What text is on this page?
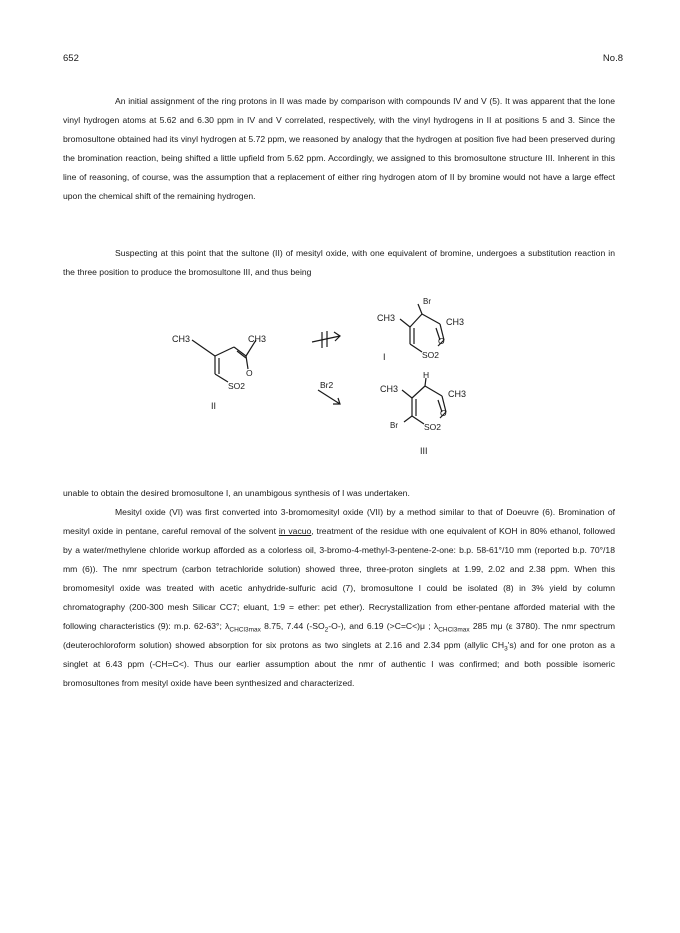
652	No.8

An initial assignment of the ring protons in II was made by comparison with compounds IV and V (5). It was apparent that the lone vinyl hydrogen atoms at 5.62 and 6.30 ppm in IV and V correlated, respectively, with the vinyl hydrogens in II at positions 5 and 3. Since the bromosultone obtained had its vinyl hydrogen at 5.72 ppm, we reasoned by analogy that the hydrogen at position five had been preserved during the bromination reaction, being shifted a little upfield from 5.62 ppm. Accordingly, we assigned to this bromosultone structure III. Inherent in this line of reasoning, of course, was the assumption that a replacement of either ring hydrogen atom of II by bromine would not have a large effect upon the chemical shift of the remaining hydrogen.

Suspecting at this point that the sultone (II) of mesityl oxide, with one equivalent of bromine, undergoes a substitution reaction in the three position to produce the bromosultone III, and thus being

CH3	CH3
SO2
O
II
Br2
Br
CH3	CH3
SO2
O
I
H
CH3	CH3
Br	SO2
O
III

unable to obtain the desired bromosultone I, an unambigous synthesis of I was undertaken.

Mesityl oxide (VI) was first converted into 3-bromomesityl oxide (VII) by a method similar to that of Doeuvre (6). Bromination of mesityl oxide in pentane, careful removal of the solvent in vacuo, treatment of the residue with one equivalent of KOH in 80% ethanol, followed by a water/methylene chloride workup afforded as a colorless oil, 3-bromo-4-methyl-3-pentene-2-one: b.p. 58-61°/10 mm (reported b.p. 70°/18 mm (6)). The nmr spectrum (carbon tetrachloride solution) showed three, three-proton singlets at 1.99, 2.02 and 2.38 ppm. When this bromomesityl oxide was treated with acetic anhydride-sulfuric acid (7), bromosultone I could be isolated (8) in 3% yield by column chromatography (200-300 mesh Silicar CC7; eluant, 1:9 = ether: pet ether). Recrystallization from ether-pentane afforded material with the following characteristics (9): m.p. 62-63°; $\lambda_{CHCl3max}$ 8.75, 7.44 $(-SO_2-O-)$, and 6.19 (>C=C<)μ ; $\lambda_{CHCl3max}$ 285 mμ (ε 3780). The nmr spectrum (deuterochloroform solution) showed absorption for six protons as two singlets at 2.16 and 2.34 ppm (allylic $CH_3's$) and for one proton as a singlet at 6.43 ppm (-CH=C<). Thus our earlier assumption about the nmr of authentic I was confirmed; and both possible isomeric bromosultones from mesityl oxide have been synthesized and characterized.
